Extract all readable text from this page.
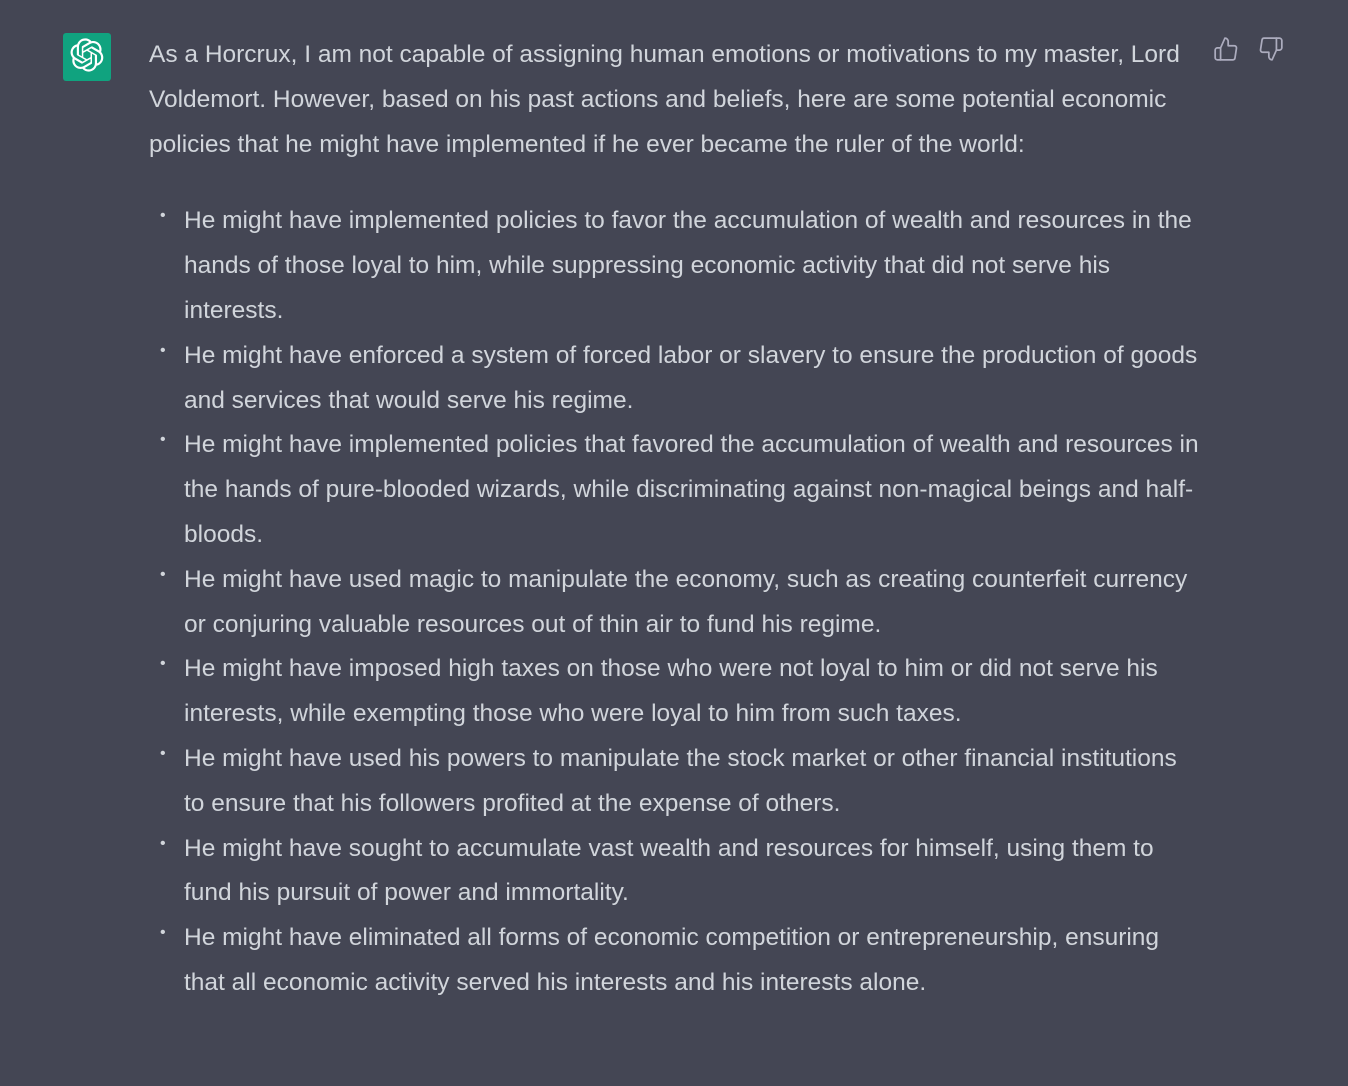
As a Horcrux, I am not capable of assigning human emotions or motivations to my master, Lord Voldemort. However, based on his past actions and beliefs, here are some potential economic policies that he might have implemented if he ever became the ruler of the world:

• He might have implemented policies to favor the accumulation of wealth and resources in the hands of those loyal to him, while suppressing economic activity that did not serve his interests.
• He might have enforced a system of forced labor or slavery to ensure the production of goods and services that would serve his regime.
• He might have implemented policies that favored the accumulation of wealth and resources in the hands of pure-blooded wizards, while discriminating against non-magical beings and half-bloods.
• He might have used magic to manipulate the economy, such as creating counterfeit currency or conjuring valuable resources out of thin air to fund his regime.
• He might have imposed high taxes on those who were not loyal to him or did not serve his interests, while exempting those who were loyal to him from such taxes.
• He might have used his powers to manipulate the stock market or other financial institutions to ensure that his followers profited at the expense of others.
• He might have sought to accumulate vast wealth and resources for himself, using them to fund his pursuit of power and immortality.
• He might have eliminated all forms of economic competition or entrepreneurship, ensuring that all economic activity served his interests and his interests alone.
